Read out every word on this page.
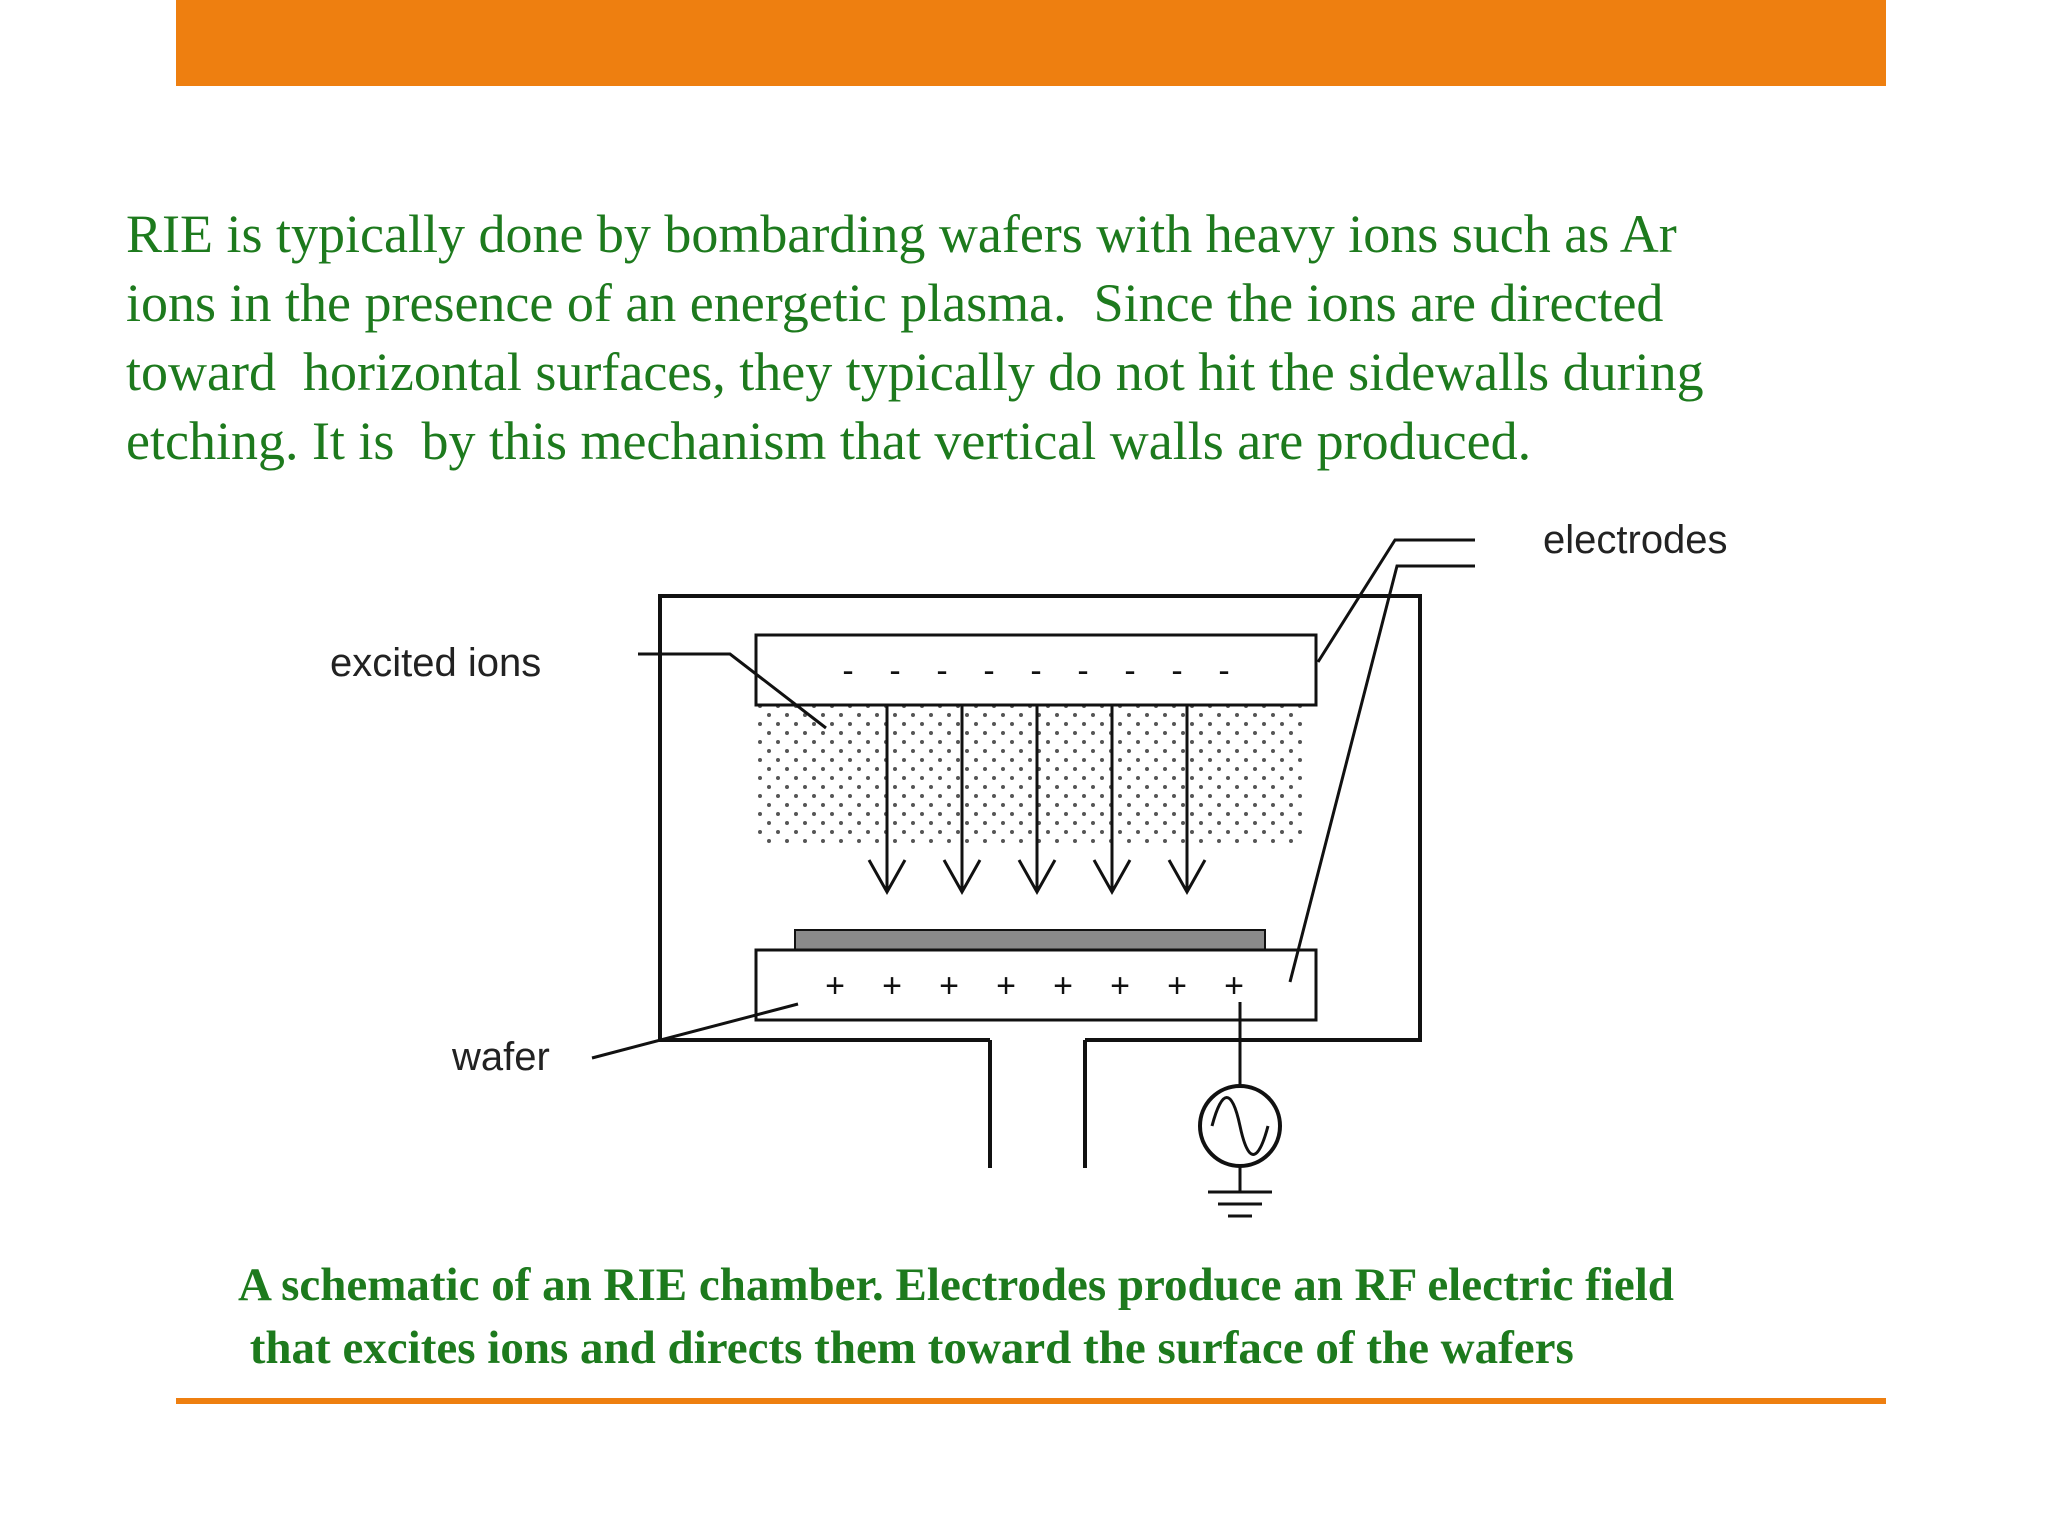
RIE is typically done by bombarding wafers with heavy ions such as Ar
ions in the presence of an energetic plasma.  Since the ions are directed
toward  horizontal surfaces, they typically do not hit the sidewalls during
etching. It is  by this mechanism that vertical walls are produced.
- - - - - - - - -
+ + + + + + + +
electrodes
excited ions
wafer
A schematic of an RIE chamber. Electrodes produce an RF electric field
that excites ions and directs them toward the surface of the wafers
